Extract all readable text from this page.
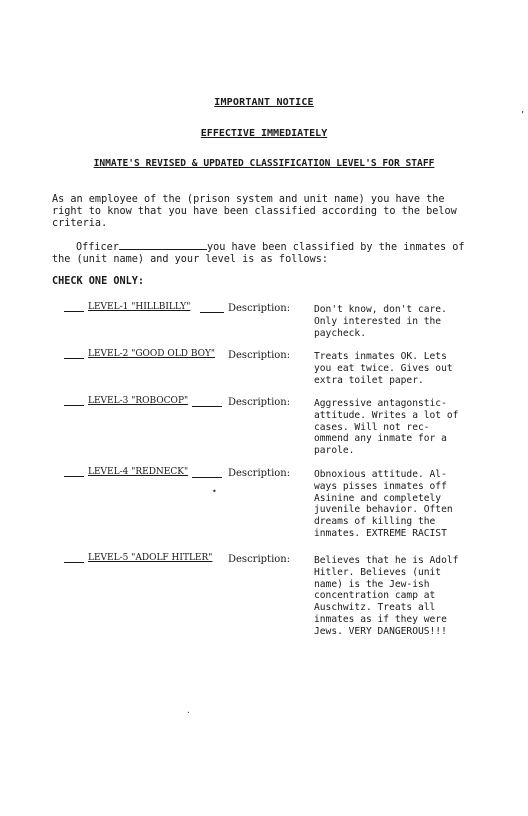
IMPORTANT NOTICE
EFFECTIVE IMMEDIATELY
INMATE'S REVISED & UPDATED CLASSIFICATION LEVEL'S FOR STAFF
As an employee of the (prison system and unit name) you have the right to know that you have been classified according to the below criteria.
Officer	you have been classified by the inmates of the (unit name) and your level is as follows:
CHECK ONE ONLY:
LEVEL-1 "HILLBILLY"	Description: Don't know, don't care. Only interested in the paycheck.
LEVEL-2 "GOOD OLD BOY" Description: Treats inmates OK. Lets you eat twice. Gives out extra toilet paper.
LEVEL-3 "ROBOCOP"	Description: Aggressive antagonstic-attitude. Writes a lot of cases. Will not rec-ommend any inmate for a parole.
LEVEL-4 "REDNECK"	Description: Obnoxious attitude. Al-ways pisses inmates off Asinine and completely juvenile behavior. Often dreams of killing the inmates. EXTREME RACIST
LEVEL-5 "ADOLF HITLER" Description: Believes that he is Adolf Hitler. Believes (unit name) is the Jew-ish concentration camp at Auschwitz. Treats all inmates as if they were Jews. VERY DANGEROUS!!!
’
•
·
